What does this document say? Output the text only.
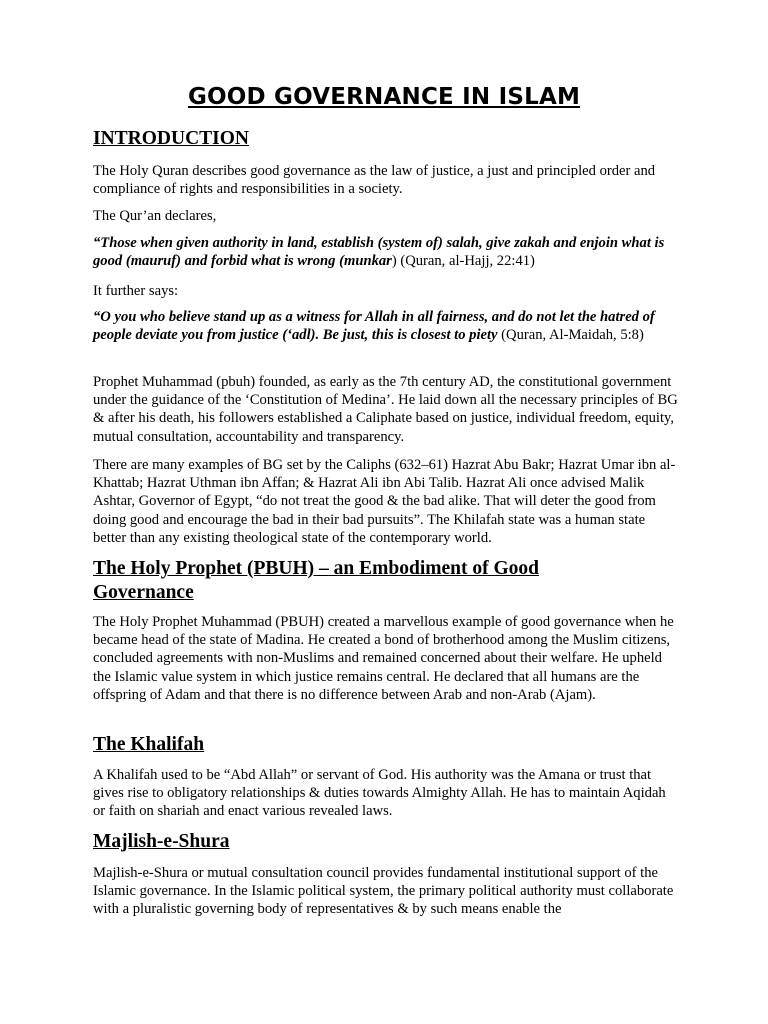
GOOD GOVERNANCE IN ISLAM
INTRODUCTION

The Holy Quran describes good governance as the law of justice, a just and principled order and compliance of rights and responsibilities in a society.

The Qur’an declares,

“Those when given authority in land, establish (system of) salah, give zakah and enjoin what is good (mauruf) and forbid what is wrong (munkar) (Quran, al-Hajj, 22:41)

It further says:

“O you who believe stand up as a witness for Allah in all fairness, and do not let the hatred of people deviate you from justice (‘adl). Be just, this is closest to piety (Quran, Al-Maidah, 5:8)

Prophet Muhammad (pbuh) founded, as early as the 7th century AD, the constitutional government under the guidance of the ‘Constitution of Medina’. He laid down all the necessary principles of BG & after his death, his followers established a Caliphate based on justice, individual freedom, equity, mutual consultation, accountability and transparency.

There are many examples of BG set by the Caliphs (632–61) Hazrat Abu Bakr; Hazrat Umar ibn al-Khattab; Hazrat Uthman ibn Affan; & Hazrat Ali ibn Abi Talib. Hazrat Ali once advised Malik Ashtar, Governor of Egypt, “do not treat the good & the bad alike. That will deter the good from doing good and encourage the bad in their bad pursuits”. The Khilafah state was a human state better than any existing theological state of the contemporary world.

The Holy Prophet (PBUH) – an Embodiment of Good Governance

The Holy Prophet Muhammad (PBUH) created a marvellous example of good governance when he became head of the state of Madina. He created a bond of brotherhood among the Muslim citizens, concluded agreements with non-Muslims and remained concerned about their welfare. He upheld the Islamic value system in which justice remains central. He declared that all humans are the offspring of Adam and that there is no difference between Arab and non-Arab (Ajam).

The Khalifah

A Khalifah used to be “Abd Allah” or servant of God. His authority was the Amana or trust that gives rise to obligatory relationships & duties towards Almighty Allah. He has to maintain Aqidah or faith on shariah and enact various revealed laws.

Majlish-e-Shura

Majlish-e-Shura or mutual consultation council provides fundamental institutional support of the Islamic governance. In the Islamic political system, the primary political authority must collaborate with a pluralistic governing body of representatives & by such means enable the
